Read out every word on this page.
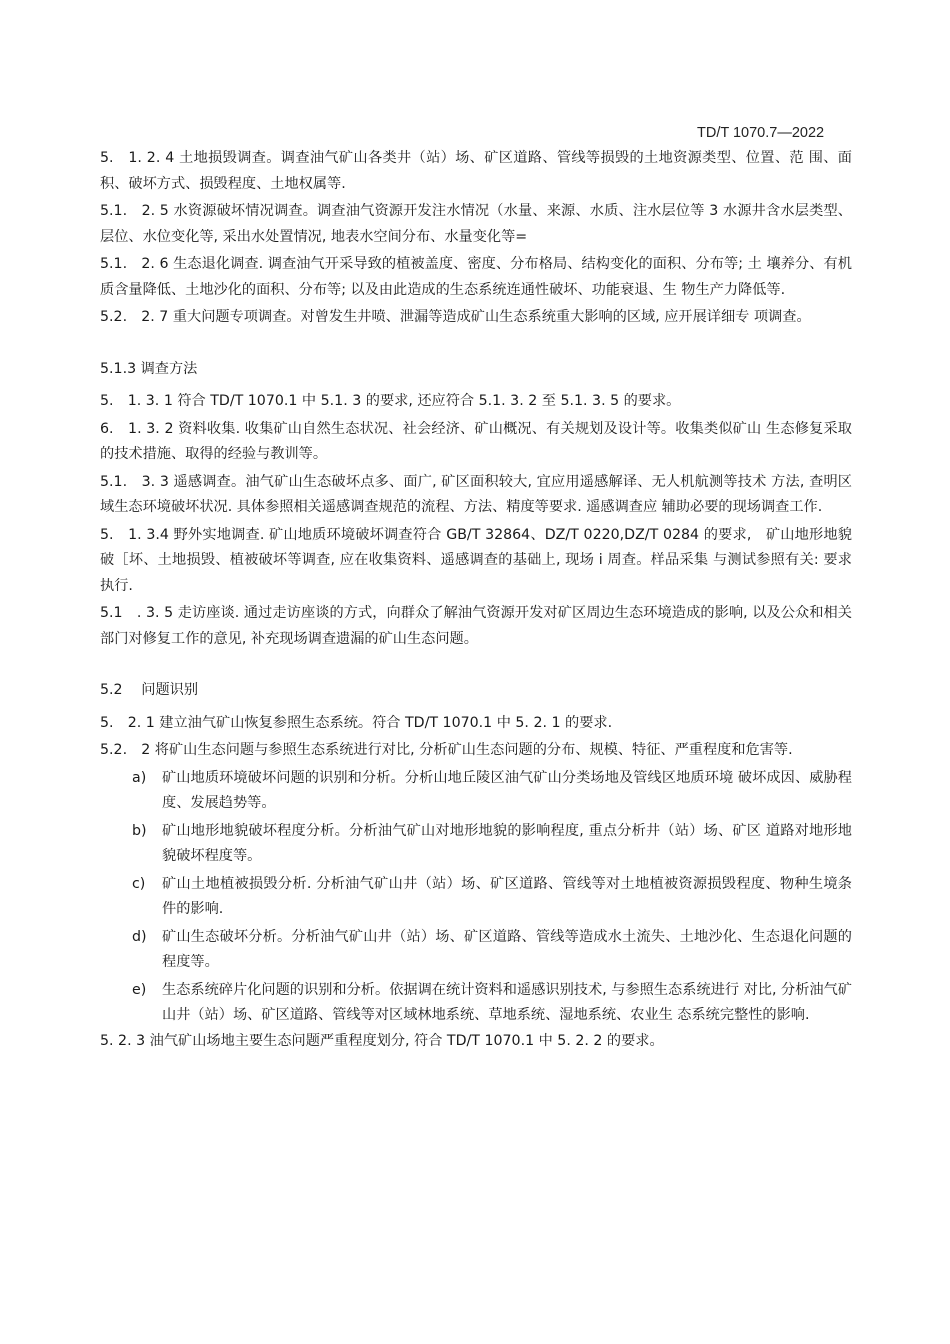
TD/T 1070.7—2022

5.　1. 2. 4 土地损毁调查。调查油气矿山各类井（站）场、矿区道路、管线等损毁的土地资源类型、位置、范 围、面积、破坏方式、损毁程度、土地权属等.

5.1.　2. 5 水资源破坏情况调查。调查油气资源开发注水情况（水量、来源、水质、注水层位等 3 水源井含水层类型、层位、水位变化等, 采出水处置情况, 地表水空间分布、水量变化等=

5.1.　2. 6 生态退化调查. 调查油气开采导致的植被盖度、密度、分布格局、结构变化的面积、分布等; 土 壤养分、有机质含量降低、土地沙化的面积、分布等; 以及由此造成的生态系统连通性破坏、功能衰退、生 物生产力降低等.

5.2.　2. 7 重大问题专项调查。对曾发生井喷、泄漏等造成矿山生态系统重大影响的区域, 应开展详细专 项调查。

5.1.3 调查方法

5.　1. 3. 1 符合 TD/T 1070.1 中 5.1. 3 的要求, 还应符合 5.1. 3. 2 至 5.1. 3. 5 的要求。

6.　1. 3. 2 资料收集. 收集矿山自然生态状况、社会经济、矿山概况、有关规划及设计等。收集类似矿山 生态修复采取的技术措施、取得的经验与教训等。

5.1.　3. 3 遥感调查。油气矿山生态破坏点多、面广, 矿区面积较大, 宜应用遥感解译、无人机航测等技术 方法, 查明区域生态环境破坏状况. 具体参照相关遥感调查规范的流程、方法、精度等要求. 遥感调查应 辅助必要的现场调查工作.

5.　1. 3.4 野外实地调查. 矿山地质环境破坏调查符合 GB/T 32864、DZ/T 0220,DZ/T 0284 的要求,　矿山地形地貌破［坏、土地损毁、植被破坏等调查, 应在收集资料、遥感调查的基础上, 现场 i 周查。样品采集 与测试参照有关: 要求执行.

5.1　. 3. 5 走访座谈. 通过走访座谈的方式，向群众了解油气资源开发对矿区周边生态环境造成的影响, 以及公众和相关部门对修复工作的意见, 补充现场调查遗漏的矿山生态问题。

5.2　 问题识别

5.　2. 1 建立油气矿山恢复参照生态系统。符合 TD/T 1070.1 中 5. 2. 1 的要求.

5.2.　2 将矿山生态问题与参照生态系统进行对比, 分析矿山生态问题的分布、规模、特征、严重程度和危害等.

a) 矿山地质环境破坏问题的识别和分析。分析山地丘陵区油气矿山分类场地及管线区地质环境 破坏成因、威胁程度、发展趋势等。
b) 矿山地形地貌破坏程度分析。分析油气矿山对地形地貌的影响程度, 重点分析井（站）场、矿区 道路对地形地貌破坏程度等。
c) 矿山土地植被损毁分析. 分析油气矿山井（站）场、矿区道路、管线等对土地植被资源损毁程度、物种生境条件的影响.
d) 矿山生态破坏分析。分析油气矿山井（站）场、矿区道路、管线等造成水土流失、土地沙化、生态退化问题的程度等。
e) 生态系统碎片化问题的识别和分析。依据调在统计资料和遥感识别技术, 与参照生态系统进行 对比, 分析油气矿山井（站）场、矿区道路、管线等对区域林地系统、草地系统、湿地系统、农业生 态系统完整性的影响.

5. 2. 3 油气矿山场地主要生态问题严重程度划分, 符合 TD/T 1070.1 中 5. 2. 2 的要求。
